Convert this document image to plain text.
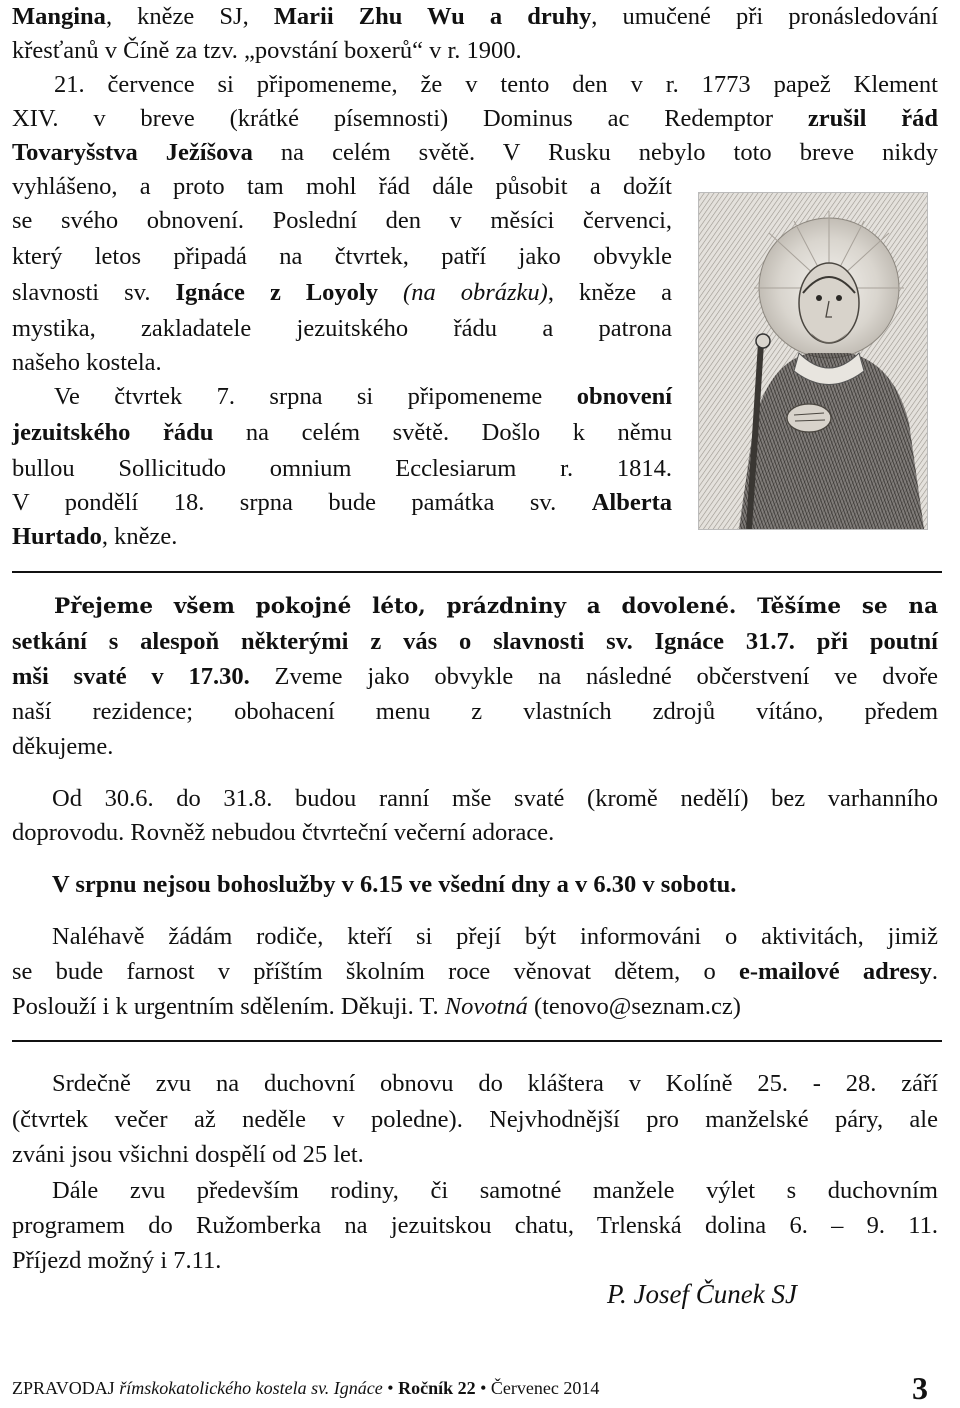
Mangina, kněze SJ, Marii Zhu Wu a druhy, umučené při pronásledování
křesťanů v Číně za tzv. „povstání boxerů“ v r. 1900.
21. července si připomeneme, že v tento den v r. 1773 papež Klement
XIV. v breve (krátké písemnosti) Dominus ac Redemptor zrušil řád
Tovaryšstva Ježíšova na celém světě. V Rusku nebylo toto breve nikdy
vyhlášeno, a proto tam mohl řád dále působit a dožít
se svého obnovení. Poslední den v měsíci červenci,
který letos připadá na čtvrtek, patří jako obvykle
slavnosti sv. Ignáce z Loyoly (na obrázku), kněze a
mystika, zakladatele jezuitského řádu a patrona
našeho kostela.
Ve čtvrtek 7. srpna si připomeneme obnovení
jezuitského řádu na celém světě. Došlo k němu
bullou Sollicitudo omnium Ecclesiarum r. 1814.
V pondělí 18. srpna bude památka sv. Alberta
Hurtado, kněze.
Přejeme všem pokojné léto, prázdniny a dovolené. Těšíme se na
setkání s alespoň některými z vás o slavnosti sv. Ignáce 31.7. při poutní
mši svaté v 17.30. Zveme jako obvykle na následné občerstvení ve dvoře
naší rezidence; obohacení menu z vlastních zdrojů vítáno, předem
děkujeme.
Od 30.6. do 31.8. budou ranní mše svaté (kromě nedělí) bez varhanního
doprovodu. Rovněž nebudou čtvrteční večerní adorace.
V srpnu nejsou bohoslužby v 6.15 ve všední dny a v 6.30 v sobotu.
Naléhavě žádám rodiče, kteří si přejí být informováni o aktivitách, jimiž
se bude farnost v příštím školním roce věnovat dětem, o e-mailové adresy.
Poslouží i k urgentním sdělením. Děkuji. T. Novotná (tenovo@seznam.cz)
Srdečně zvu na duchovní obnovu do kláštera v Kolíně 25. - 28. září
(čtvrtek večer až neděle v poledne). Nejvhodnější pro manželské páry, ale
zváni jsou všichni dospělí od 25 let.
Dále zvu především rodiny, či samotné manžele výlet s duchovním
programem do Ružomberka na jezuitskou chatu, Trlenská dolina 6. – 9. 11.
Příjezd možný i 7.11.
P. Josef Čunek SJ
ZPRAVODAJ římskokatolického kostela sv. Ignáce • Ročník 22 • Červenec 2014	3
